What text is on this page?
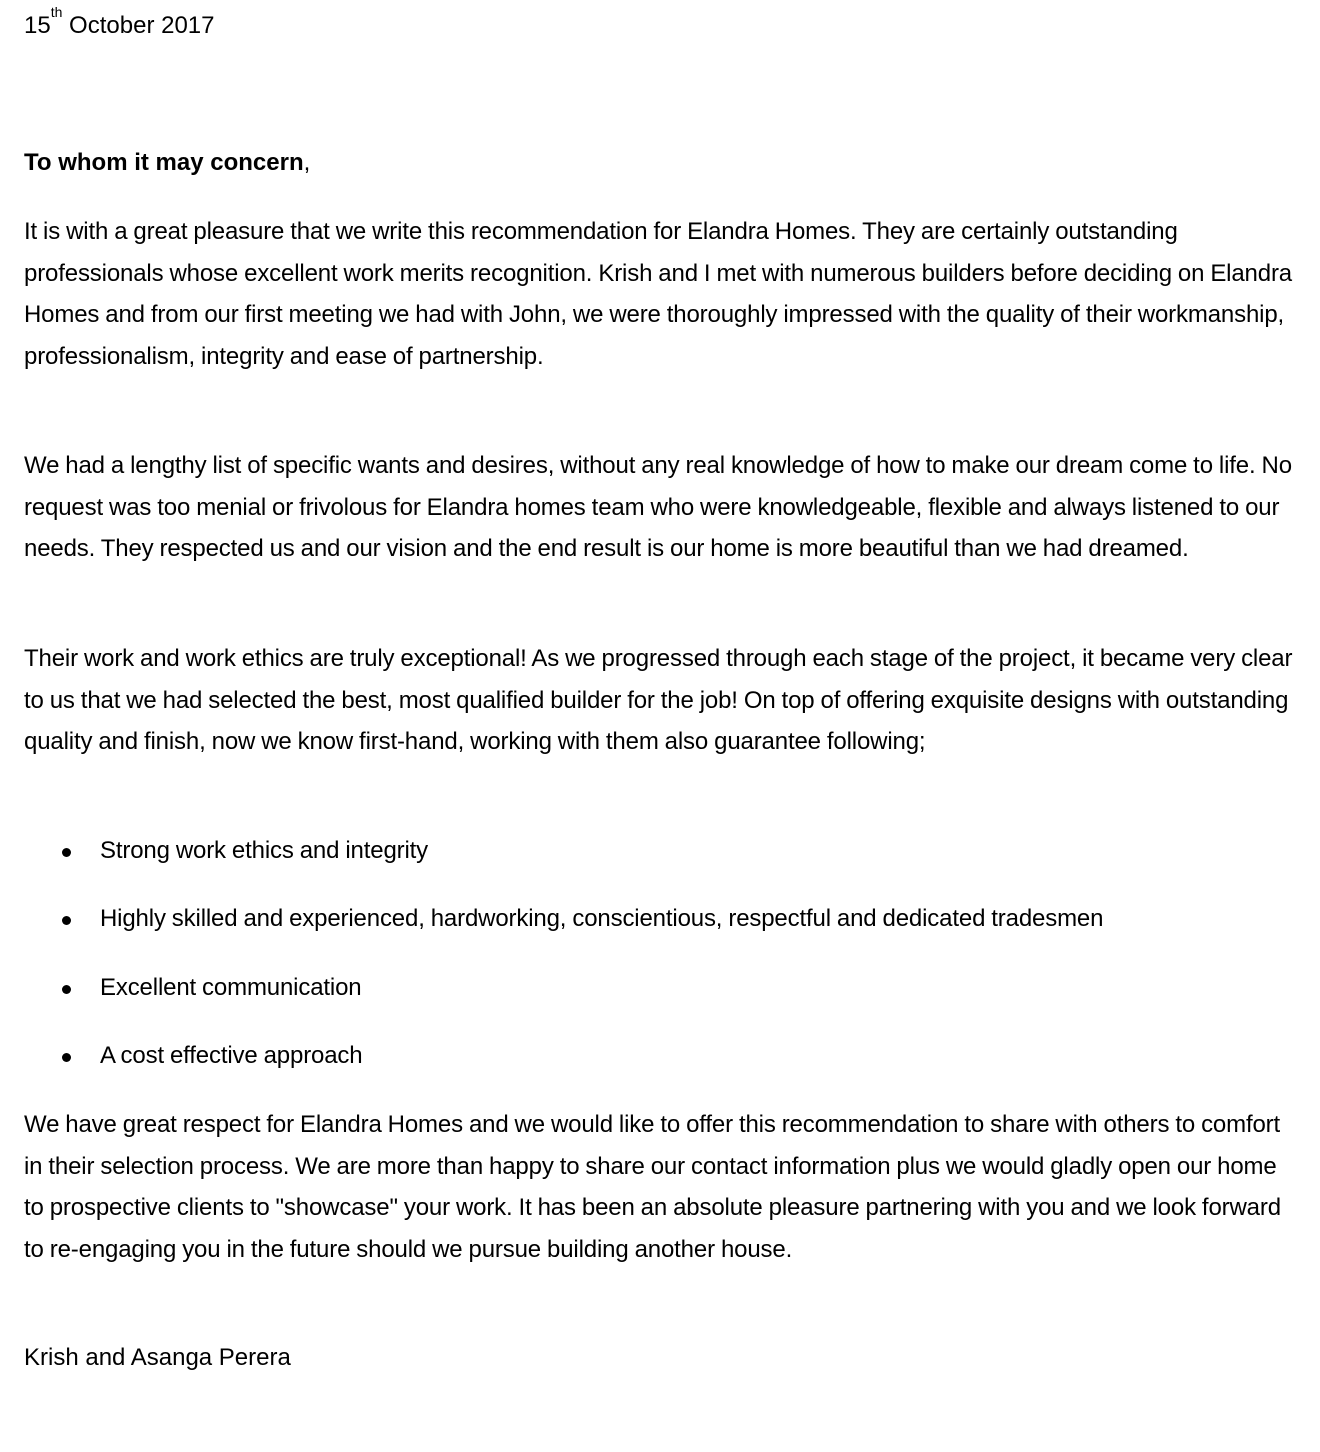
15th October 2017
To whom it may concern,

It is with a great pleasure that we write this recommendation for Elandra Homes. They are certainly outstanding professionals whose excellent work merits recognition. Krish and I met with numerous builders before deciding on Elandra Homes and from our first meeting we had with John, we were thoroughly impressed with the quality of their workmanship, professionalism, integrity and ease of partnership.

We had a lengthy list of specific wants and desires, without any real knowledge of how to make our dream come to life. No request was too menial or frivolous for Elandra homes team who were knowledgeable, flexible and always listened to our needs. They respected us and our vision and the end result is our home is more beautiful than we had dreamed.

Their work and work ethics are truly exceptional! As we progressed through each stage of the project, it became very clear to us that we had selected the best, most qualified builder for the job! On top of offering exquisite designs with outstanding quality and finish, now we know first-hand, working with them also guarantee following;

Strong work ethics and integrity
Highly skilled and experienced, hardworking, conscientious, respectful and dedicated tradesmen
Excellent communication
A cost effective approach

We have great respect for Elandra Homes and we would like to offer this recommendation to share with others to comfort in their selection process. We are more than happy to share our contact information plus we would gladly open our home to prospective clients to "showcase" your work. It has been an absolute pleasure partnering with you and we look forward to re-engaging you in the future should we pursue building another house.

Krish and Asanga Perera
